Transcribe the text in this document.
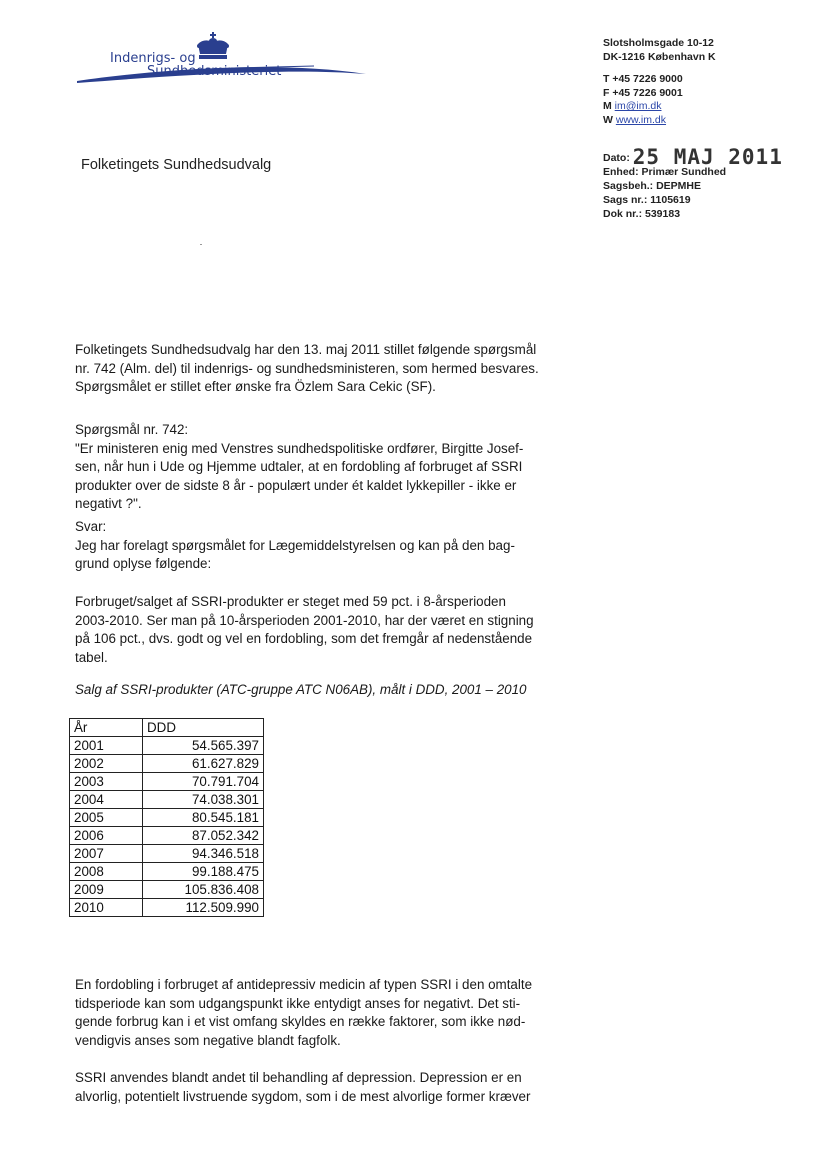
Indenrigs- og
Sundhedsministeriet
Slotsholmsgade 10-12
DK-1216 København K
T +45 7226 9000
F +45 7226 9001
M im@im.dk
W www.im.dk
Dato: 25 MAJ 2011
Enhed: Primær Sundhed
Sagsbeh.: DEPMHE
Sags nr.: 1105619
Dok nr.: 539183
Folketingets Sundhedsudvalg

Folketingets Sundhedsudvalg har den 13. maj 2011 stillet følgende spørgsmål

nr. 742 (Alm. del) til indenrigs- og sundhedsministeren, som hermed besvares.

Spørgsmålet er stillet efter ønske fra Özlem Sara Cekic (SF).

Spørgsmål nr. 742:

"Er ministeren enig med Venstres sundhedspolitiske ordfører, Birgitte Josef-

sen, når hun i Ude og Hjemme udtaler, at en fordobling af forbruget af SSRI

produkter over de sidste 8 år - populært under ét kaldet lykkepiller - ikke er

negativt ?".

Svar:

Jeg har forelagt spørgsmålet for Lægemiddelstyrelsen og kan på den bag-

grund oplyse følgende:

Forbruget/salget af SSRI-produkter er steget med 59 pct. i 8-årsperioden

2003-2010. Ser man på 10-årsperioden 2001-2010, har der været en stigning

på 106 pct., dvs. godt og vel en fordobling, som det fremgår af nedenstående

tabel.

Salg af SSRI-produkter (ATC-gruppe ATC N06AB), målt i DDD, 2001 – 2010
År	DDD
2001	54.565.397
2002	61.627.829
2003	70.791.704
2004	74.038.301
2005	80.545.181
2006	87.052.342
2007	94.346.518
2008	99.188.475
2009	105.836.408
2010	112.509.990

En fordobling i forbruget af antidepressiv medicin af typen SSRI i den omtalte

tidsperiode kan som udgangspunkt ikke entydigt anses for negativt. Det sti-

gende forbrug kan i et vist omfang skyldes en række faktorer, som ikke nød-

vendigvis anses som negative blandt fagfolk.

SSRI anvendes blandt andet til behandling af depression. Depression er en

alvorlig, potentielt livstruende sygdom, som i de mest alvorlige former kræver
